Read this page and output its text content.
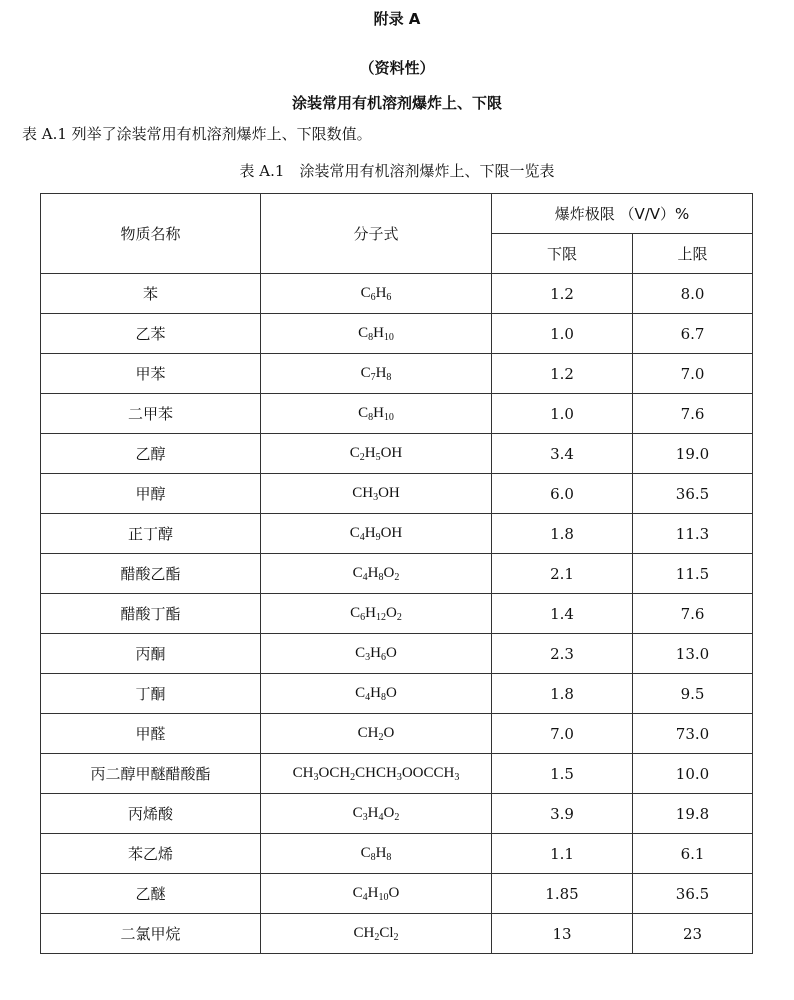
附录 A
（资料性）
涂装常用有机溶剂爆炸上、下限
表 A.1 列举了涂装常用有机溶剂爆炸上、下限数值。
表 A.1　涂装常用有机溶剂爆炸上、下限一览表
物质名称	分子式	爆炸极限 （V/V）%	
		下限	上限
苯	$C_6H_6$	1.2	8.0
乙苯	$C_8H_{10}$	1.0	6.7
甲苯	$C_7H_8$	1.2	7.0
二甲苯	$C_8H_{10}$	1.0	7.6
乙醇	$C_2H_5OH$	3.4	19.0
甲醇	$CH_3OH$	6.0	36.5
正丁醇	$C_4H_9OH$	1.8	11.3
醋酸乙酯	$C_4H_8O_2$	2.1	11.5
醋酸丁酯	$C_6H_{12}O_2$	1.4	7.6
丙酮	$C_3H_6O$	2.3	13.0
丁酮	$C_4H_8O$	1.8	9.5
甲醛	$CH_2O$	7.0	73.0
丙二醇甲醚醋酸酯	$CH_3OCH_2CHCH_3OOCCH_3$	1.5	10.0
丙烯酸	$C_3H_4O_2$	3.9	19.8
苯乙烯	$C_8H_8$	1.1	6.1
乙醚	$C_4H_{10}O$	1.85	36.5
二氯甲烷	$CH_2Cl_2$	13	23
